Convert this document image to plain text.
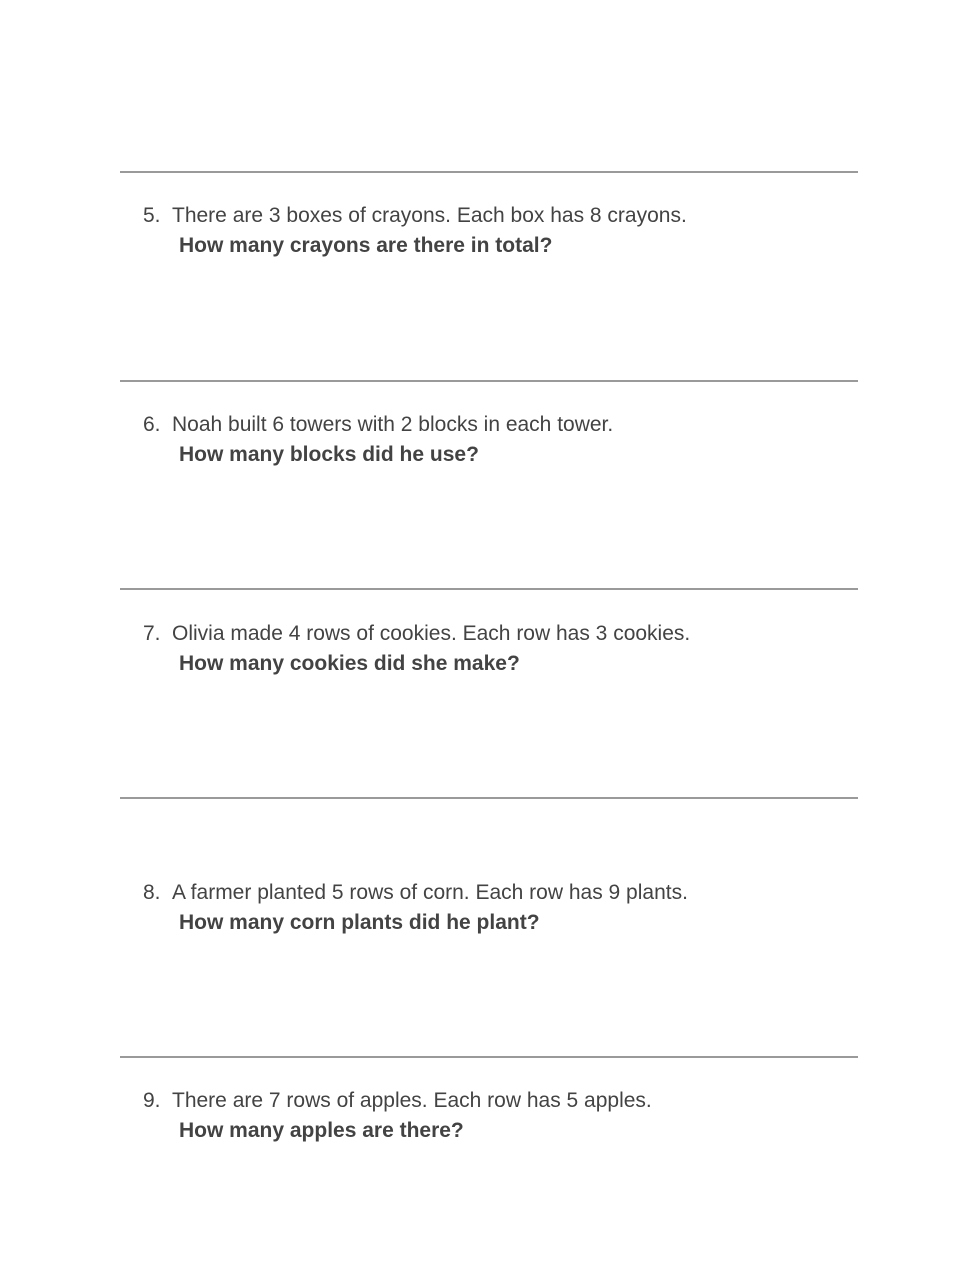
5. There are 3 boxes of crayons. Each box has 8 crayons.
How many crayons are there in total?
6. Noah built 6 towers with 2 blocks in each tower.
How many blocks did he use?
7. Olivia made 4 rows of cookies. Each row has 3 cookies.
How many cookies did she make?
8. A farmer planted 5 rows of corn. Each row has 9 plants.
How many corn plants did he plant?
9. There are 7 rows of apples. Each row has 5 apples.
How many apples are there?
